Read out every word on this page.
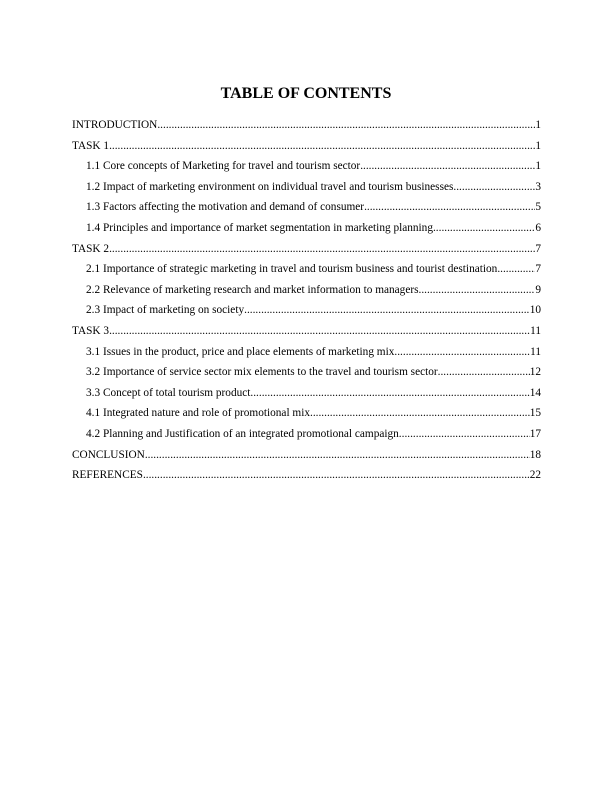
TABLE OF CONTENTS
INTRODUCTION .....	1
TASK 1 .....	1
1.1 Core concepts of Marketing for travel and tourism sector .....	1
1.2 Impact of marketing environment on individual travel and tourism businesses .....	3
1.3 Factors affecting the motivation and demand of consumer .....	5
1.4 Principles and importance of market segmentation in marketing planning .....	6
TASK 2 .....	7
2.1 Importance of strategic marketing in travel and tourism business and tourist destination .....	7
2.2 Relevance of marketing research and market information to managers .....	9
2.3 Impact of marketing on society .....	10
TASK 3 .....	11
3.1 Issues in the product, price and place elements of marketing mix .....	11
3.2 Importance of service sector mix elements to the travel and tourism sector .....	12
3.3 Concept of total tourism product .....	14
4.1 Integrated nature and role of promotional mix .....	15
4.2 Planning and Justification of an integrated promotional campaign .....	17
CONCLUSION .....	18
REFERENCES .....	22
